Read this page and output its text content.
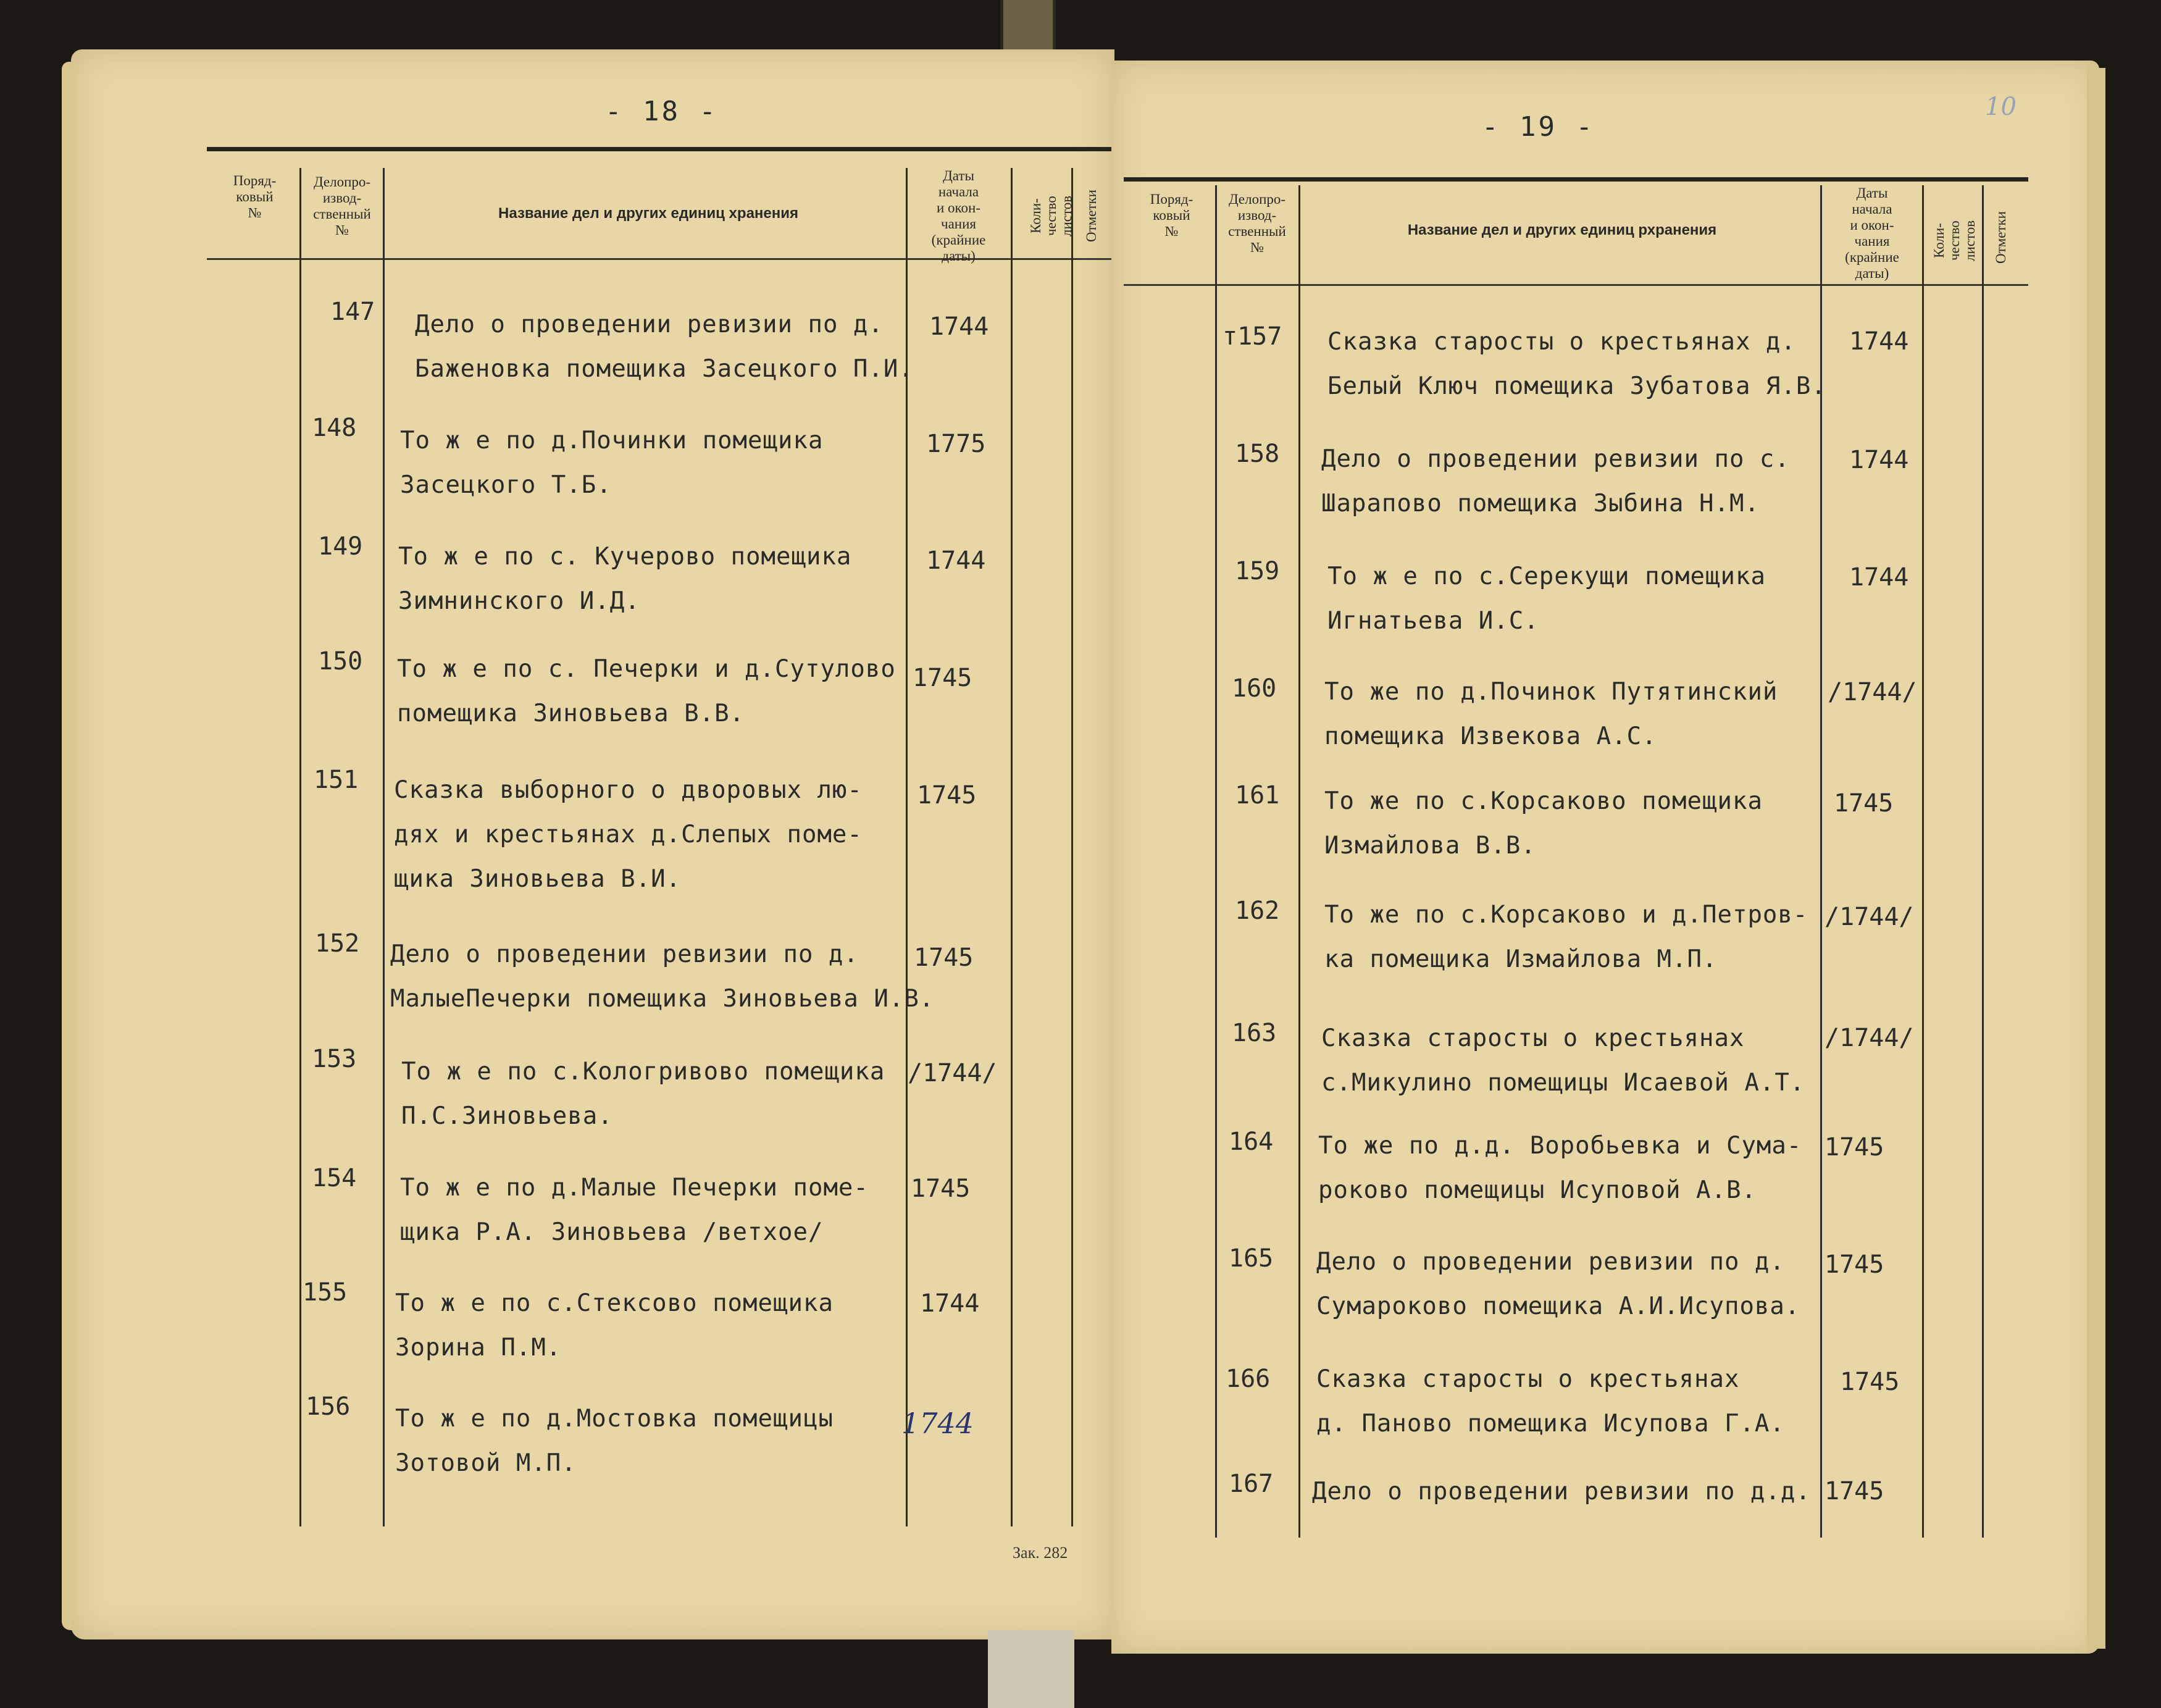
- 18 -
Поряд-
ковый
№
Делопро-
извод-
ственный
№
Название дел и других единиц хранения
Даты
начала
и окон-
чания
(крайние
даты)
Коли-
чество
листов Отметки
147 Дело о проведении ревизии по д.
Баженовка помещика Засецкого П.И.
1744
148 То ж е по д.Починки помещика
Засецкого Т.Б.
1775
149 То ж е по с. Кучерово помещика
Зимнинского И.Д.
1744
150 То ж е по с. Печерки и д.Сутулово
помещика Зиновьева В.В.
1745
151 Сказка выборного о дворовых лю-
дях и крестьянах д.Слепых поме-
щика Зиновьева В.И.
1745
152 Дело о проведении ревизии по д.
МалыеПечерки помещика Зиновьева И.В.
1745
153 То ж е по с.Кологривово помещика
П.С.Зиновьева.
/1744/
154 То ж е по д.Малые Печерки поме-
щика Р.А. Зиновьева /ветхое/
1745
155 То ж е по с.Стексово помещика
Зорина П.М.
1744
156 То ж е по д.Мостовка помещицы
Зотовой М.П.
1744
Зак. 282
- 19 -
10
Поряд-
ковый
№
Делопро-
извод-
ственный
№
Название дел и других единиц рхранения
Даты
начала
и окон-
чания
(крайние
даты)
Коли-
чество
листов Отметки
т157 Сказка старосты о крестьянах д.
Белый Ключ помещика Зубатова Я.В.
1744
158 Дело о проведении ревизии по с.
Шарапово помещика Зыбина Н.М.
1744
159 То ж е по с.Серекущи помещика
Игнатьева И.С.
1744
160 То же по д.Починок Путятинский
помещика Извекова А.С.
/1744/
161 То же по с.Корсаково помещика
Измайлова В.В.
1745
162 То же по с.Корсаково и д.Петров-
ка помещика Измайлова М.П.
/1744/
163 Сказка старосты о крестьянах
с.Микулино помещицы Исаевой А.Т.
/1744/
164 То же по д.д. Воробьевка и Сума-
роково помещицы Исуповой А.В.
1745
165 Дело о проведении ревизии по д.
Сумароково помещика А.И.Исупова.
1745
166 Сказка старосты о крестьянах
д. Паново помещика Исупова Г.А.
1745
167 Дело о проведении ревизии по д.д. 1745
